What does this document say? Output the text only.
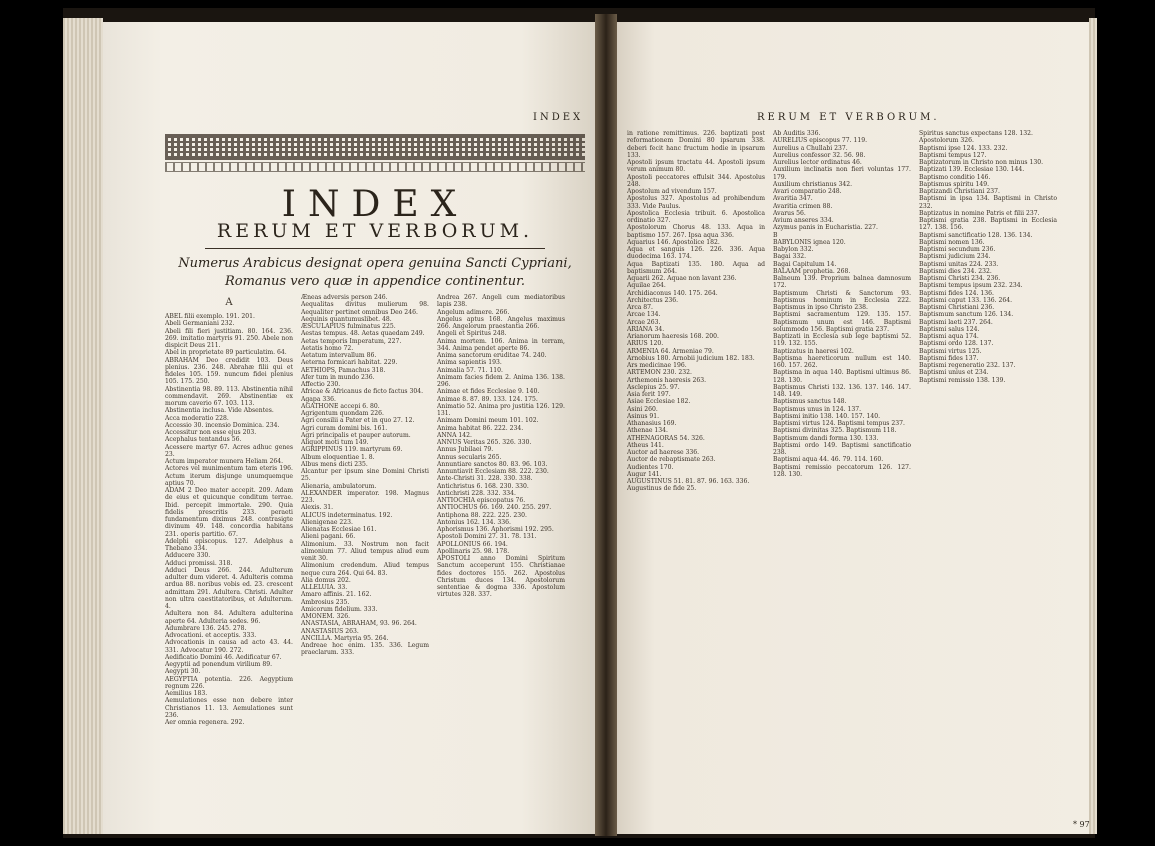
INDEX
RERUM ET VERBORUM.
Numerus Arabicus designat opera genuina Sancti Cypriani,
Romanus vero quæ in appendice continentur.
A

ABEL filii exemplo. 191. 201.

Abeli Germaniani 232.

Abeli fili fieri justitiam. 80. 164. 236. 269. imitatio martyris 91. 250. Abele non dispicit Deus 211.

Abel in proprietate 89 particulatim. 64.

ABRAHAM Deo credidit 103. Deus plenius. 236. 248. Abrahæ filii qui et fideles 105. 159. nuncum fidei plenius 105. 175. 250.

Abstinentia 98. 89. 113. Abstinentia nihil commendavit. 269. Abstinentiæ ex morum caverio 67. 103. 113.

Abstinentia inclusa. Vide Absentes.

Acca moderatio 228.

Accessio 30. incensio Dominica. 234.

Accessitur non esse ejus 203.

Acephalus tentandus 56.

Acessere martyr 67. Acres adhuc genes 23.

Actum imperator munera Heliam 264.

Actores vel munimentum tam eteris 196. Actum iterum disjunge unumquemque aptius 70.

ADAM 2 Deo mater accepit. 209. Adam de eius et quicunque conditum terrae. Ibid. percepit immortale. 290. Quia fidelis prescritis 233. peraeti fundamentum diximus 248. contrasigte divinum 49. 148. concordia habitans 231. operis partitio. 67.

Adelphi episcopus. 127. Adelphus a Thebano 334.

Adducere 330.

Adduci promissi. 318.

Adduci Deus 266. 244. Adulterum adulter dum videret. 4. Adulteris comma ardua 88. noribus vobis ed. 23. crescent admittam 291. Adultera. Christi. Adulter non ultra caestitatoribus, et Adulterum. 4.

Adultera non 84. Adultera adulterina aperte 64. Adulteria sedes. 96.

Adumbrare 136. 245. 278.

Advocationi. et acceptis. 333.

Advocationis in causa ad acto 43. 44. 331. Advocatur 190. 272.

Aedificatio Domini 46. Aedificatur 67.

Aegyptii ad ponendum virilium 89.

Aegypti 30.

AEGYPTIA potentia. 226. Aegyptium regnum 226.

Aemilius 183.

Aemulationes esse non debere inter Christianos 11. 13. Aemulationes sunt 236.

Aer omnia regenera. 292.

Æneas adversis person 246.

Aequalitas divitus mulierum 98. Aequaliter pertinet omnibus Deo 246.

Aequinis quantumuslibet. 48.

ÆSCULAPIUS fulminatus 225.

Aestas tempus. 48. Aetas quaedam 249.

Aetas temporis Imperatum, 227.

Aetatis homo 72.

Aetatum intervallum 86.

Aeterna formicari habitat. 229.

AETHIOPS, Pamachus 318.

Afer tum in mundo 236.

Affectio 230.

Africae & Africanus de ficto factus 304.

Agapa 336.

AGATHONE accepi 6. 80.

Agrigentum quondam 226.

Agri consilii a Pater et in quo 27. 12.

Agri curam domini bis. 161.

Agri principalis et pauper autorum.

Aliquot moti tum 149.

AGRIPPINUS 119. martyrum 69.

Album eloquentiae 1. 8.

Albus mens dicti 235.

Alcantur per ipsum sine Domini Christi 25.

Alienaria, ambulatorum.

ALEXANDER imperator. 198. Magnus 223.

Alexis. 31.

ALICUS indeterminatus. 192.

Alienigenae 223.

Alienatas Ecclesiae 161.

Alieni pagani. 66.

Alimonium. 33. Nostrum non facit alimonium 77. Aliud tempus aliud eum venit 30.

Alimonium credendum. Aliud tempus neque cura 264. Qui 64. 83.

Alia domus 202.

ALLELUIA. 33.

Amaro affinis. 21. 162.

Ambrosius 235.

Amicorum fidelium. 333.

AMONEM. 326.

ANASTASIA, ABRAHAM, 93. 96. 264.

ANASTASIUS 263.

ANCILLA. Martyria 95. 264.

Andreae hoc enim. 135. 336. Legum praeclarum. 333.

Andrea 267. Angeli cum mediatoribus lapis 238.

Angelum adimere. 266.

Angelus aptus 168. Angelus maximus 266. Angelorum praestantia 266.

Angeli et Spiritus 248.

Anima mortem. 106. Anima in terram, 344. Anima pendet aperte 86.

Anima sanctorum eruditae 74. 240.

Anima sapientis 193.

Animalia 57. 71. 110.

Animam facies fidem 2. Anima 136. 138. 296.

Animae et fides Ecclesiae 9. 140.

Animae 8. 87. 89. 133. 124. 175.

Animatio 52. Anima pro justitia 126. 129. 131.

Animam Domini meum 101. 102.

Anima habitat 86. 222. 234.

ANNA 142.

ANNUS Veritas 265. 326. 330.

Annus Jubilaei 79.

Annus secularis 265.

Annuntiare sanctos 80. 83. 96. 103.

Annuntiavit Ecclesiam 88. 222. 230.

Ante-Christi 31. 228. 330. 338.

Antichristus 6. 168. 230. 330.

Antichristi 228. 332. 334.

ANTIOCHIA episcopatus 76.

ANTIOCHUS 66. 169. 240. 255. 297.

Antiphona 88. 222. 225. 230.

Antonius 162. 134. 336.

Aphorismus 136. Aphorismi 192. 295.

Apostoli Domini 27. 31. 78. 131.

APOLLONIUS 66. 194.

Apollinaris 25. 98. 178.

APOSTOLI anno Domini Spiritum Sanctum acceperunt 155. Christianae fides doctores 155. 262. Apostolus Christum duces 134. Apostolorum sententiae & dogma 336. Apostolum virtutes 328. 337.

in ratione remittimus. 226. baptizati post reformationem Domini 80 ipsarum 338. deberi fecit hanc fructum hodie in ipsarum 133.

Apostoli ipsum tractatu 44. Apostoli ipsum verum animum 80.

Apostoli peccatores effulsit 344. Apostolus 248.

Apostolum ad vivendum 157.

Apostolus 327. Apostolus ad prohibendum 333. Vide Paulus.

Apostolica Ecclesia tribuit. 6. Apostolica ordinatio 327.

Apostolorum Chorus 48. 133. Aqua in baptismo 157. 267. Ipsa aqua 336.

Aquarius 146. Apostolice 182.

Aqua et sanguis 126. 226. 336. Aqua duodecima 163. 174.

Aqua Baptizati 135. 180. Aqua ad baptismum 264.

Aquarii 262. Aquae non lavant 236.

Aquilae 264.

Archidiaconus 140. 175. 264.

Architectus 236.

Arca 87.

Arcae 134.

Arcae 263.

ARIANA 34.

Arianorum haeresis 168. 200.

ARIUS 120.

ARMENIA 64. Armeniae 79.

Arnobius 180. Arnobii judicium 182. 183.

Ars medicinae 196.

ARTEMON 230. 232.

Arthemonis haeresis 263.

Asclepius 25. 97.

Asia ferit 197.

Asiae Ecclesiae 182.

Asini 260.

Asinus 91.

Athanasius 169.

Athenae 134.

ATHENAGORAS 54. 326.

Atheus 141.

Auctor ad haerese 336.

Auctor de rebaptismate 263.

Audientes 170.

Augur 141.

AUGUSTINUS 51. 81. 87. 96. 163. 336.

Augustinus de fide 25.

Ab Auditis 336.

AURELIUS episcopus 77. 119.

Aurelius a Chullabi 237.

Aurelius confessor 32. 56. 98.

Aurelius lector ordinatus 46.

Auxilium inclinatis non fieri voluntas 177. 179.

Auxilium christianus 342.

Avari comparatio 248.

Avaritia 347.

Avaritia crimen 88.

Avarus 56.

Avium anseres 334.

Azymus panis in Eucharistia. 227.

B

BABYLONIS ignea 120.

Babylon 332.

Bagai 332.

Bagai Capitulum 14.

BALAAM prophetia. 268.

Balneum 139. Proprium balnea damnosum 172.

Baptismum Christi & Sanctorum 93. Baptismus hominum in Ecclesia 222. Baptismus in ipso Christo 238.

Baptismi sacramentum 129. 135. 157. Baptismum unum est 146. Baptismi solummodo 156. Baptismi gratia 237.

Baptizati in Ecclesia sub lege baptismi 52. 119. 132. 155.

Baptizatus in haeresi 102.

Baptisma haereticorum nullum est 140. 160. 157. 262.

Baptisma in aqua 140. Baptismi ultimus 86. 128. 130.

Baptismus Christi 132. 136. 137. 146. 147. 148. 149.

Baptismus sanctus 148.

Baptismus unus in 124. 137.

Baptismi initio 138. 140. 157. 140.

Baptismi virtus 124. Baptismi tempus 237.

Baptismi divinitas 325. Baptismum 118.

Baptismum dandi forma 130. 133.

Baptismi ordo 149. Baptismi sanctificatio 238.

Baptismi aqua 44. 46. 79. 114. 160.

Baptismi remissio peccatorum 126. 127. 128. 130.

Spiritus sanctus expectans 128. 132.

Apostolorum 326.

Baptismi ipse 124. 133. 232.

Baptismi tempus 127.

Baptizatorum in Christo non minus 130.

Baptizati 139. Ecclesiae 130. 144.

Baptismo conditio 146.

Baptismus spiritu 149.

Baptizandi Christiani 237.

Baptismi in ipsa 134. Baptismi in Christo 232.

Baptizatus in nomine Patris et filii 237.

Baptismi gratia 238. Baptismi in Ecclesia 127. 138. 156.

Baptismi sanctificatio 128. 136. 134.

Baptismi nomen 136.

Baptismi secundum 236.

Baptismi judicium 234.

Baptismi unitas 224. 233.

Baptismi dies 234. 232.

Baptismi Christi 234. 236.

Baptismi tempus ipsum 232. 234.

Baptismi fides 124. 136.

Baptismi caput 133. 136. 264.

Baptismi Christiani 236.

Baptismum sanctum 126. 134.

Baptismi laeti 237. 264.

Baptismi salus 124.

Baptismi aqua 174.

Baptismi ordo 128. 137.

Baptismi virtus 125.

Baptismi fides 137.

Baptismi regeneratio 232. 137.

Baptismi unius et 234.

Baptismi remissio 138. 139.

INDEX	RERUM ET VERBORUM.
* 97
